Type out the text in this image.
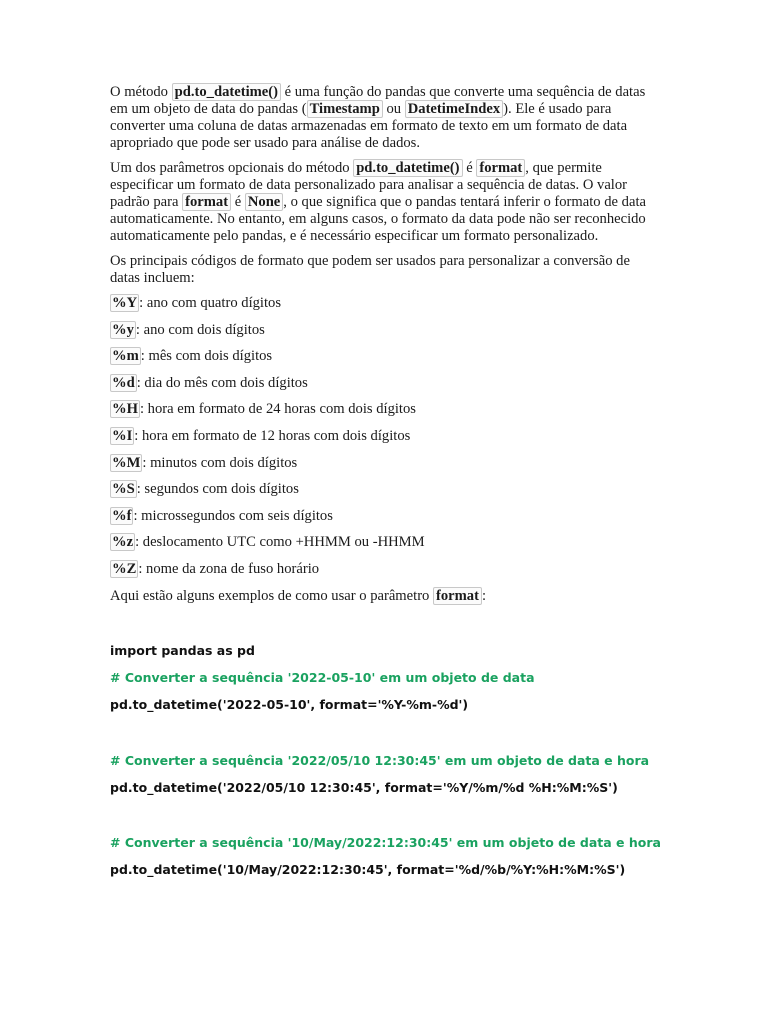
O método pd.to_datetime() é uma função do pandas que converte uma sequência de datas em um objeto de data do pandas ( Timestamp ou DatetimeIndex ). Ele é usado para converter uma coluna de datas armazenadas em formato de texto em um formato de data apropriado que pode ser usado para análise de dados.

Um dos parâmetros opcionais do método pd.to_datetime() é format , que permite especificar um formato de data personalizado para analisar a sequência de datas. O valor padrão para format é None , o que significa que o pandas tentará inferir o formato de data automaticamente. No entanto, em alguns casos, o formato da data pode não ser reconhecido automaticamente pelo pandas, e é necessário especificar um formato personalizado.

Os principais códigos de formato que podem ser usados para personalizar a conversão de datas incluem:

%Y : ano com quatro dígitos
%y : ano com dois dígitos
%m : mês com dois dígitos
%d : dia do mês com dois dígitos
%H : hora em formato de 24 horas com dois dígitos
%I : hora em formato de 12 horas com dois dígitos
%M : minutos com dois dígitos
%S : segundos com dois dígitos
%f : microssegundos com seis dígitos
%z : deslocamento UTC como +HHMM ou -HHMM
%Z : nome da zona de fuso horário

Aqui estão alguns exemplos de como usar o parâmetro format :

import pandas as pd
# Converter a sequência '2022-05-10' em um objeto de data
pd.to_datetime('2022-05-10', format='%Y-%m-%d')
# Converter a sequência '2022/05/10 12:30:45' em um objeto de data e hora
pd.to_datetime('2022/05/10 12:30:45', format='%Y/%m/%d %H:%M:%S')
# Converter a sequência '10/May/2022:12:30:45' em um objeto de data e hora
pd.to_datetime('10/May/2022:12:30:45', format='%d/%b/%Y:%H:%M:%S')
